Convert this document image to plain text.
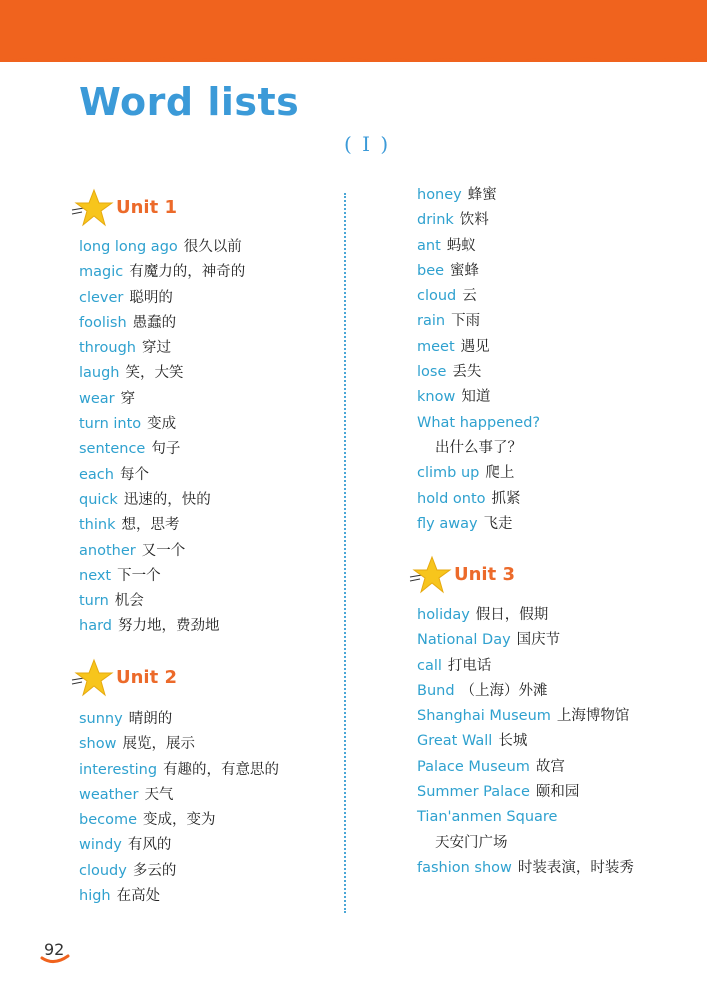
Word lists
( I )
Unit 1
long long ago 很久以前
magic 有魔力的，神奇的
clever 聪明的
foolish 愚蠢的
through 穿过
laugh 笑，大笑
wear 穿
turn into 变成
sentence 句子
each 每个
quick 迅速的，快的
think 想，思考
another 又一个
next 下一个
turn 机会
hard 努力地，费劲地
Unit 2
sunny 晴朗的
show 展览，展示
interesting 有趣的，有意思的
weather 天气
become 变成，变为
windy 有风的
cloudy 多云的
high 在高处
honey 蜂蜜
drink 饮料
ant 蚂蚁
bee 蜜蜂
cloud 云
rain 下雨
meet 遇见
lose 丢失
know 知道
What happened?
出什么事了？
climb up 爬上
hold onto 抓紧
fly away 飞走
Unit 3
holiday 假日，假期
National Day 国庆节
call 打电话
Bund （上海）外滩
Shanghai Museum 上海博物馆
Great Wall 长城
Palace Museum 故宫
Summer Palace 颐和园
Tian'anmen Square
天安门广场
fashion show 时装表演，时装秀
92
